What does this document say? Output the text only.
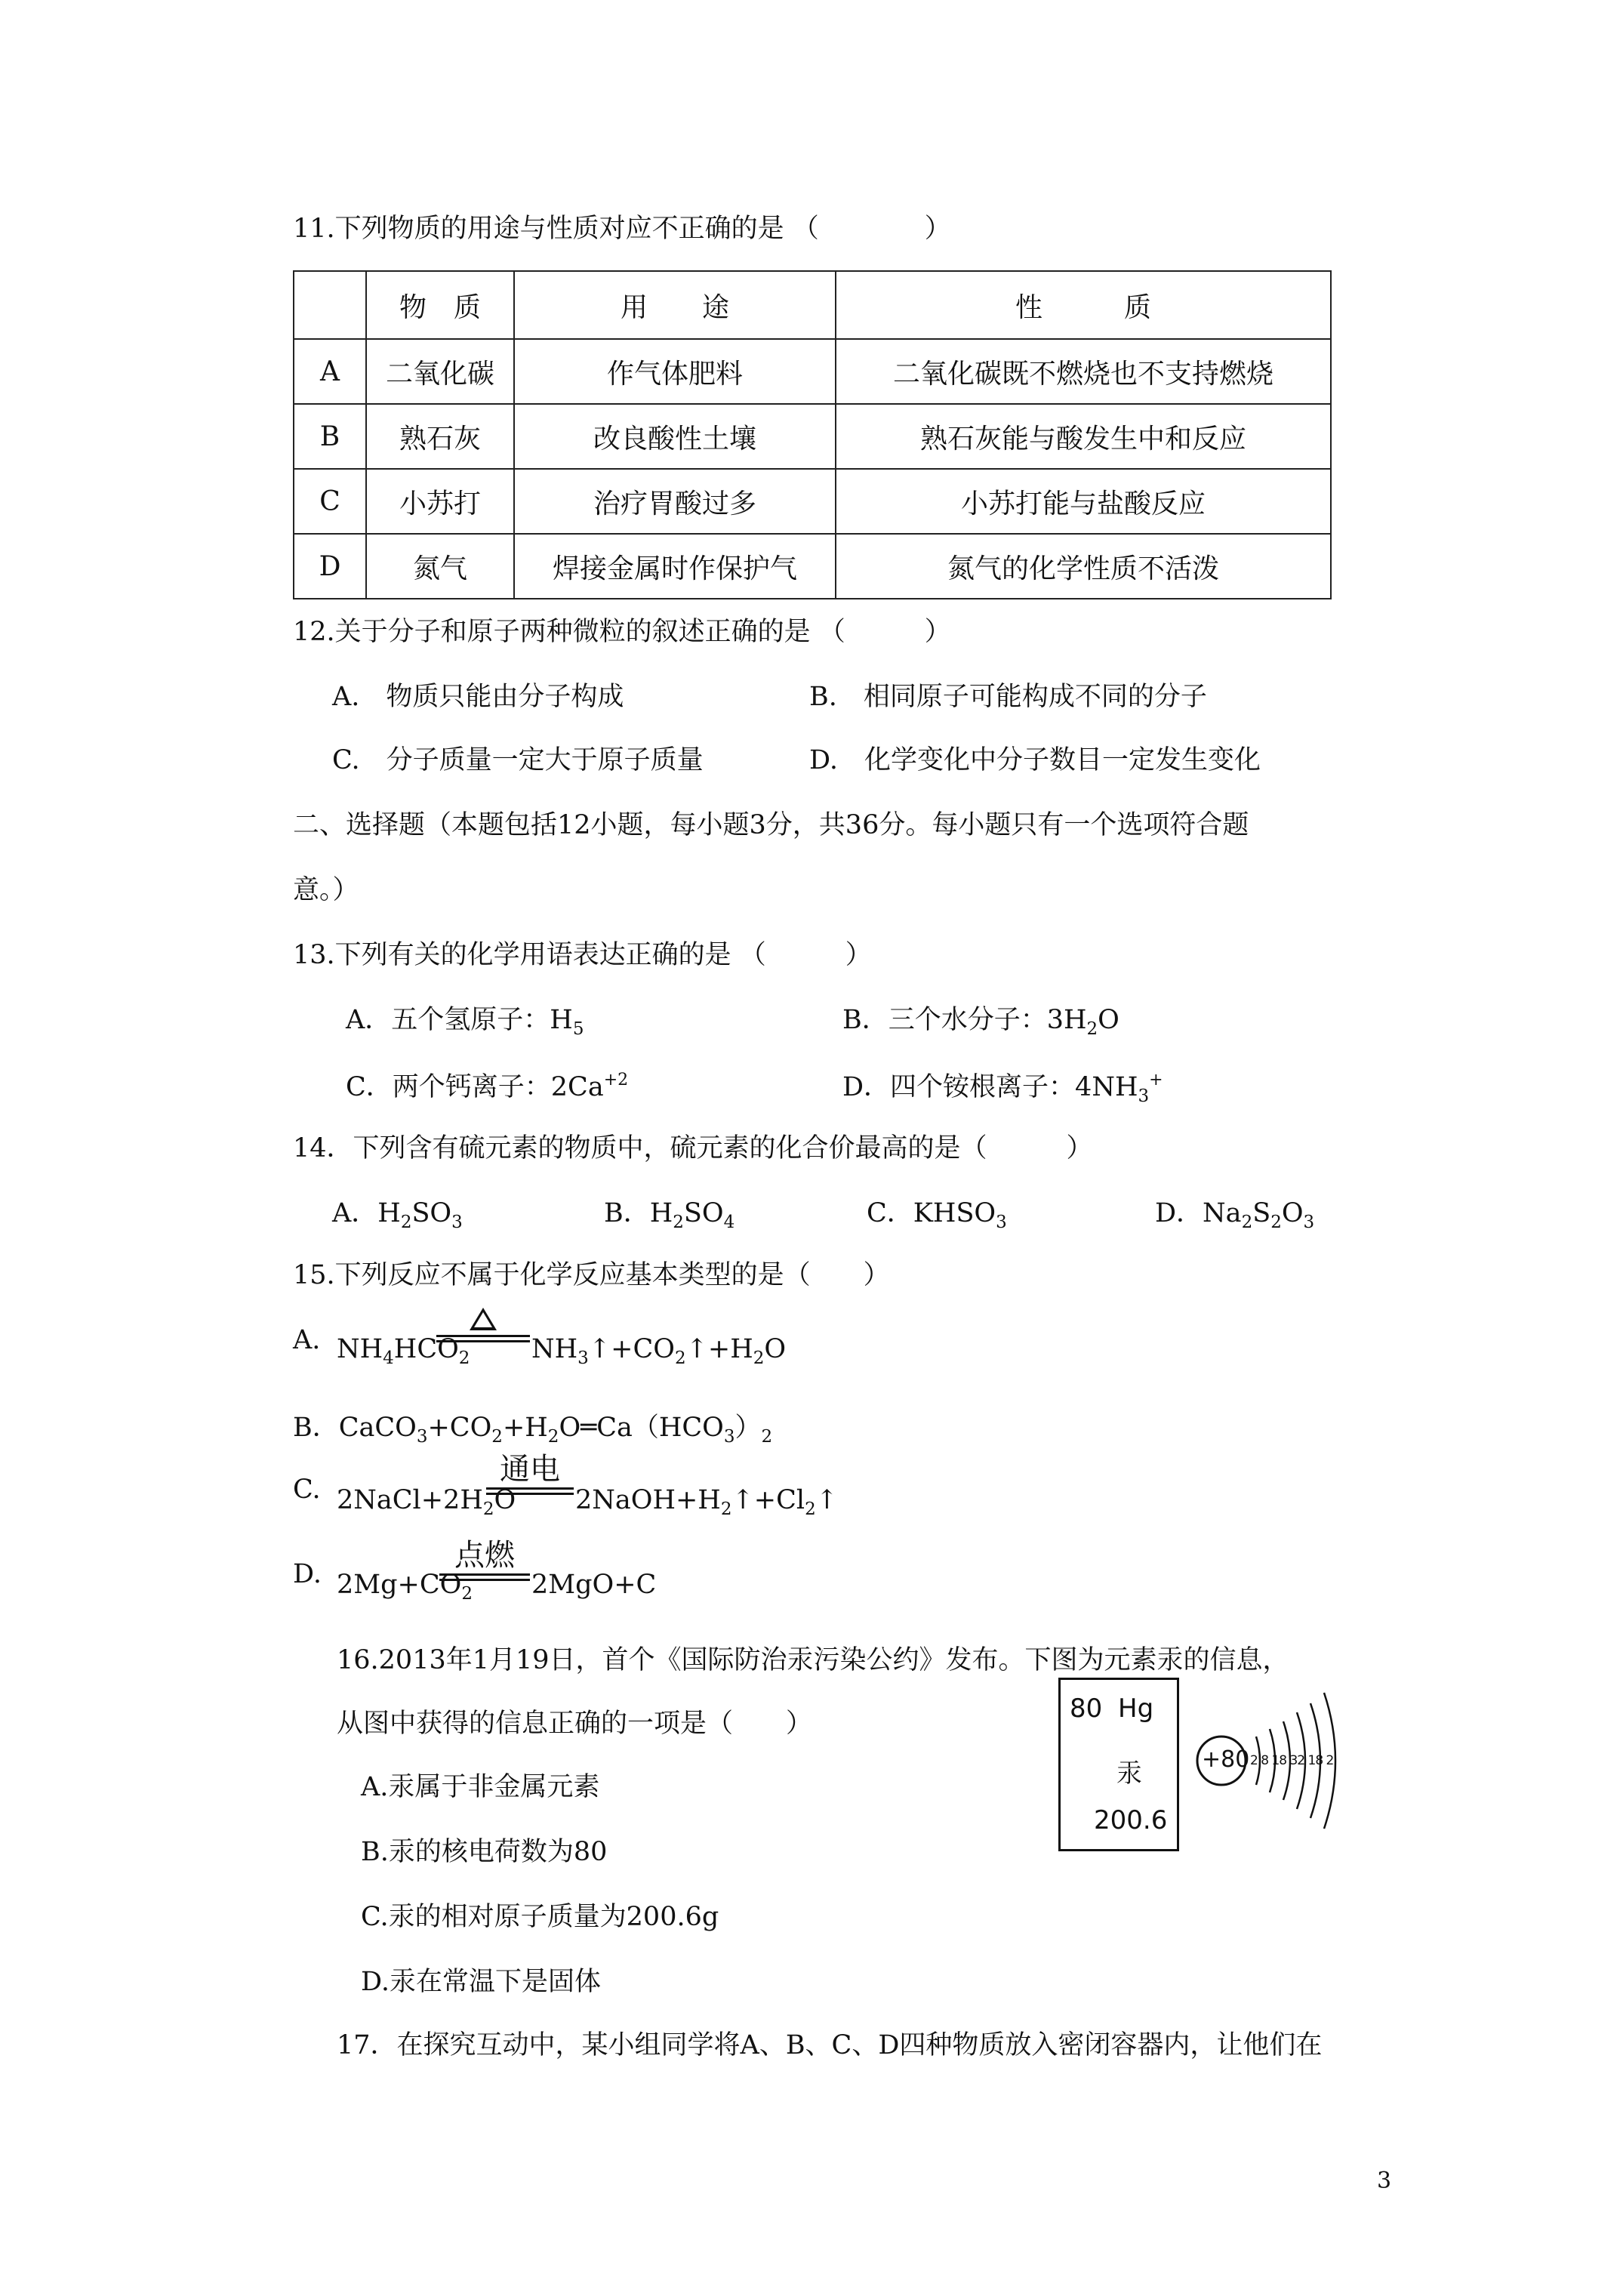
11.下列物质的用途与性质对应不正确的是 （　　　　）
	物　质	用　　途	性　　　质
A	二氧化碳	作气体肥料	二氧化碳既不燃烧也不支持燃烧
B	熟石灰	改良酸性土壤	熟石灰能与酸发生中和反应
C	小苏打	治疗胃酸过多	小苏打能与盐酸反应
D	氮气	焊接金属时作保护气	氮气的化学性质不活泼
12.关于分子和原子两种微粒的叙述正确的是 （　　　）
A.　物质只能由分子构成	B.　相同原子可能构成不同的分子
C.　分子质量一定大于原子质量	D.　化学变化中分子数目一定发生变化
二、选择题（本题包括12小题，每小题3分，共36分。每小题只有一个选项符合题
意。）
13.下列有关的化学用语表达正确的是 （　　　）
A．五个氢原子：$H_5$	B．三个水分子：$3H_2O$
C．两个钙离子：$2Ca^{+2}$	D．四个铵根离子：$4NH_3^+$
14．下列含有硫元素的物质中，硫元素的化合价最高的是（　　　）
A．$H_2SO_3$	B．$H_2SO_4$	C．$KHSO_3$	D．$Na_2S_2O_3$
15.下列反应不属于化学反应基本类型的是（　　）
A. $NH_4HCO_2$ $NH_3↑+CO_2↑+H_2O$
B．$CaCO_3+CO_2+H_2O═Ca(HCO_3)_2$
C. $2NaCl+2H_2O$
通电
$2NaOH+H_2↑+Cl_2↑$
D. $2Mg+CO_2$
点燃
2MgO+C
16.2013年1月19日，首个《国际防治汞污染公约》发布。下图为元素汞的信息，
从图中获得的信息正确的一项是（　　）
A.汞属于非金属元素
B.汞的核电荷数为80
C.汞的相对原子质量为200.6g
D.汞在常温下是固体
80 Hg
汞
200.6
+80 2 8 18 32 18 2
17．在探究互动中，某小组同学将A、B、C、D四种物质放入密闭容器内，让他们在
3
